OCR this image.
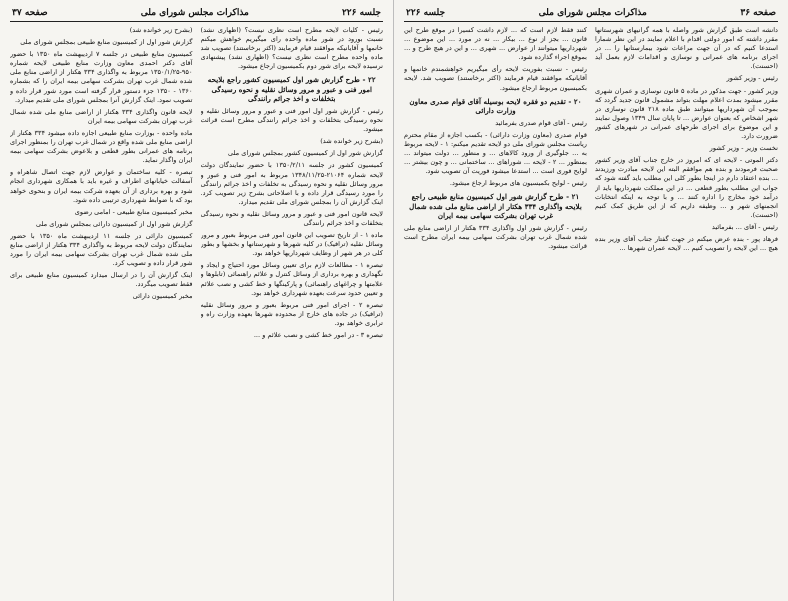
جلسه ۲۲۶
مذاکرات مجلس شورای ملی
صفحه ۳۷

رئیس - کلیات لایحه مطرح است نظری نیست؟ (اظهاری نشد) نسبت بورود در شور ماده واحده رای میگیریم خواهش میکنم خانمها و آقایانیکه موافقند قیام فرمایند (اکثر برخاستند) تصویب شد ماده واحده مطرح است نظری نیست؟ (اظهاری نشد) پیشنهادی نرسیده لایحه برای شور دوم بکمیسیون ارجاع میشود.

۲۲ - طرح گزارش شور اول کمیسیون کشور راجع بلایحه امور فنی و عبور و مرور وسائل نقلیه و نحوه رسیدگی بتخلفات و اخذ جرائم رانندگی

رئیس - گزارش شور اول امور فنی و عبور و مرور وسائل نقلیه و نحوه رسیدگی بتخلفات و اخذ جرائم رانندگی مطرح است قرائت میشود.

(بشرح زیر خوانده شد)

گزارش شور اول از کمیسیون کشور بمجلس شورای ملی

کمیسیون کشور در جلسه ۱۳۵۰/۲/۱۱ با حضور نمایندگان دولت لایحه شماره ۲۱۰۶۴-۱۳۴۸/۱۱/۲۵ مربوط به امور فنی و عبور و مرور وسائل نقلیه و نحوه رسیدگی به تخلفات و اخذ جرائم رانندگی را مورد رسیدگی قرار داده و با اصلاحاتی بشرح زیر تصویب کرد. اینک گزارش آن را بمجلس شورای ملی تقدیم میدارد.

لایحه قانون امور فنی و عبور و مرور وسائل نقلیه و نحوه رسیدگی بتخلفات و اخذ جرائم رانندگی

ماده ۱ - از تاریخ تصویب این قانون امور فنی مربوط بعبور و مرور وسائل نقلیه (ترافیک) در کلیه شهرها و شهرستانها و بخشها و بطور کلی در هر شهر از وظایف شهرداریها خواهد بود.

تبصره ۱ - مطالعات لازم برای تعیین وسائل مورد احتیاج و ایجاد و نگهداری و بهره برداری از وسائل کنترل و علائم راهنمائی (تابلوها و علامتها و چراغهای راهنمائی) و پارکینگها و خط کشی و نصب علائم و تعیین حدود سرعت بعهده شهرداری خواهد بود.

تبصره ۲ - اجرای امور فنی مربوط بعبور و مرور وسائل نقلیه (ترافیک) در جاده های خارج از محدوده شهرها بعهده وزارت راه و ترابری خواهد بود.

تبصره ۳ - در امور خط کشی و نصب علائم و ...

(بشرح زیر خوانده شد)

گزارش شور اول از کمیسیون منابع طبیعی بمجلس شورای ملی

کمیسیون منابع طبیعی در جلسه ۷ اردیبهشت ماه ۱۳۵۰ با حضور آقای دکتر احمدی معاون وزارت منابع طبیعی لایحه شماره ۹۵۰-۱۳۵۰/۱/۲۵ مربوط به واگذاری ۳۳۴ هکتار از اراضی منابع ملی شده شمال غرب تهران بشرکت سهامی بیمه ایران را که بشماره ۱۳۶۰ - ۱۳۵۰ جزء دستور قرار گرفته است مورد شور قرار داده و تصویب نمود. اینک گزارش آنرا بمجلس شورای ملی تقدیم میدارد.

لایحه قانون واگذاری ۳۳۴ هکتار از اراضی منابع ملی شده شمال غرب تهران بشرکت سهامی بیمه ایران

ماده واحده - بوزارت منابع طبیعی اجازه داده میشود ۳۳۴ هکتار از اراضی منابع ملی شده واقع در شمال غرب تهران را بمنظور اجرای برنامه های عمرانی بطور قطعی و بلاعوض بشرکت سهامی بیمه ایران واگذار نماید.

تبصره - کلیه ساختمان و عوارض لازم جهت اتصال شاهراه و آسفالت خیابانهای اطراف و غیره باید با همکاری شهرداری انجام شود و بهره برداری از آن بعهده شرکت بیمه ایران و بنحوی خواهد بود که با ضوابط شهرداری ترتیبی داده شود.

مخبر کمیسیون منابع طبیعی - امامی رضوی

گزارش شور اول از کمیسیون دارائی بمجلس شورای ملی

کمیسیون دارائی در جلسه ۱۱ اردیبهشت ماه ۱۳۵۰ با حضور نمایندگان دولت لایحه مربوط به واگذاری ۳۳۴ هکتار از اراضی منابع ملی شده شمال غرب تهران بشرکت سهامی بیمه ایران را مورد شور قرار داده و تصویب کرد.

اینک گزارش آن را در ارسال میدارد کمیسیون منابع طبیعی برای فقط تصویب میگردد.

مخبر کمیسیون دارائی

صفحه ۳۶
مذاکرات مجلس شورای ملی
جلسه ۲۲۶

دانشه است طبق گزارش شور واصله با همه گرانیهای شهرستانها مقرر داشته که امور دولتی اقدام با اعلام نمایند در این نظر شمارا استدعا کنیم که در آن جهت مراعات شود بیمارستانها را ... در اجرای برنامه های عمرانی و نوسازی و اقدامات لازم بعمل آید (احسنت).

رئیس - وزیر کشور

وزیر کشور - جهت مذکور در ماده ۵ قانون نوسازی و عمران شهری مقرر میشود بمدت اعلام مهلت بتواند مشمول قانون جدید گردد که بموجب آن شهرداریها میتوانند طبق ماده ۲۱۸ قانون نوسازی در شهر اشخاص که بعنوان عوارض ... تا پایان سال ۱۳۴۹ وصول نمایند و این موضوع برای اجرای طرحهای عمرانی در شهرهای کشور ضرورت دارد.

نخست وزیر - وزیر کشور

دکتر الموتی - لایحه ای که امروز در خارج جناب آقای وزیر کشور صحبت فرمودند و بنده هم موافقم البته این لایحه مبادرت ورزیدند ... بنده اعتقاد دارم در اینجا بطور کلی این مطلب باید گفته شود که جواب این مطلب بطور قطعی ... در این مملکت شهرداریها باید از درآمد خود مخارج را اداره کنند ... و با توجه به اینکه انتخابات انجمنهای شهر و ... وظیفه داریم که از این طریق کمک کنیم (احسنت).

رئیس - آقای ... بفرمائید

فرهاد پور - بنده عرض میکنم در جهت گفتار جناب آقای وزیر بنده هیچ ... این لایحه را تصویب کنیم ... لایحه عمران شهرها ...

کنند فقط لازم است که ... لازم داشت کسیرا در موقع طرح این قانون ... بجز از نوع ... بیکار ... نه در مورد ... این موضوع ... شهرداریها میتوانند از عوارض ... شهری ... و این در هیچ طرح و ... بموقع اجراء گذارده شود.

رئیس - نسبت بفوریت لایحه رأی میگیریم خواهشمندم خانمها و آقایانیکه موافقند قیام فرمایند (اکثر برخاستند) تصویب شد. لایحه بکمیسیون مربوط ارجاع میشود.

۲۰ - تقدیم دو فقره لایحه بوسیله آقای قوام صدری معاون وزارت دارائی

رئیس - آقای قوام صدری بفرمائید

قوام صدری (معاون وزارت دارائی) - بکسب اجازه از مقام محترم ریاست مجلس شورای ملی دو لایحه تقدیم میکنم: ۱ - لایحه مربوط به ... جلوگیری از ورود کالاهای ... و منظور ... دولت میتواند ... بمنظور ... ۲ - لایحه ... شوراهای ... ساختمانی ... و چون بیشتر ... لوایح فوری است ... استدعا میشود فوریت آن تصویب شود.

رئیس - لوایح بکمیسیون های مربوط ارجاع میشود.

۲۱ - طرح گزارش شور اول کمیسیون منابع طبیعی راجع بلایحه واگذاری ۳۳۴ هکتار از اراضی منابع ملی شده شمال غرب تهران بشرکت سهامی بیمه ایران

رئیس - گزارش شور اول واگذاری ۳۳۴ هکتار از اراضی منابع ملی شده شمال غرب تهران بشرکت سهامی بیمه ایران مطرح است قرائت میشود.
